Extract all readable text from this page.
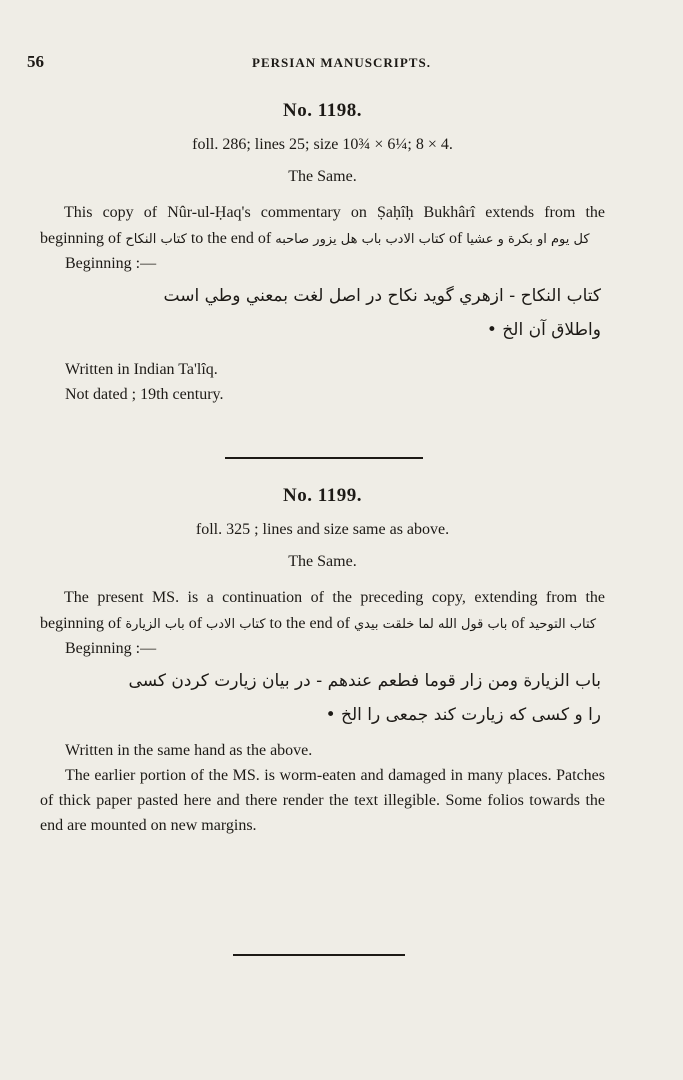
56	PERSIAN MANUSCRIPTS.
No. 1198.
foll. 286; lines 25; size 10¾ × 6¼; 8 × 4.
The Same.
This copy of Nûr-ul-Ḥaq's commentary on Ṣaḥîḥ Bukhârî extends from the beginning of كتاب النكاح to the end of باب هل يزور صاحبه كتاب الادب of كل يوم او بكرة و عشيا
Beginning :—
كتاب النكاح - ازهري گويد نكاح در اصل لغت بمعني وطي است
واطلاق آن الخ •
Written in Indian Ta'lîq.
Not dated ; 19th century.
No. 1199.
foll. 325 ; lines and size same as above.
The Same.
The present MS. is a continuation of the preceding copy, extending from the beginning of باب الزيارة of كتاب الادب to the end of باب قول الله لما خلقت بيدي of كتاب التوحيد
Beginning :—
باب الزيارة ومن زار قوما فطعم عندهم - در بيان زيارت كردن كسى
را و كسى كه زيارت كند جمعى را الخ •
Written in the same hand as the above.
The earlier portion of the MS. is worm-eaten and damaged in many places. Patches of thick paper pasted here and there render the text illegible. Some folios towards the end are mounted on new margins.
